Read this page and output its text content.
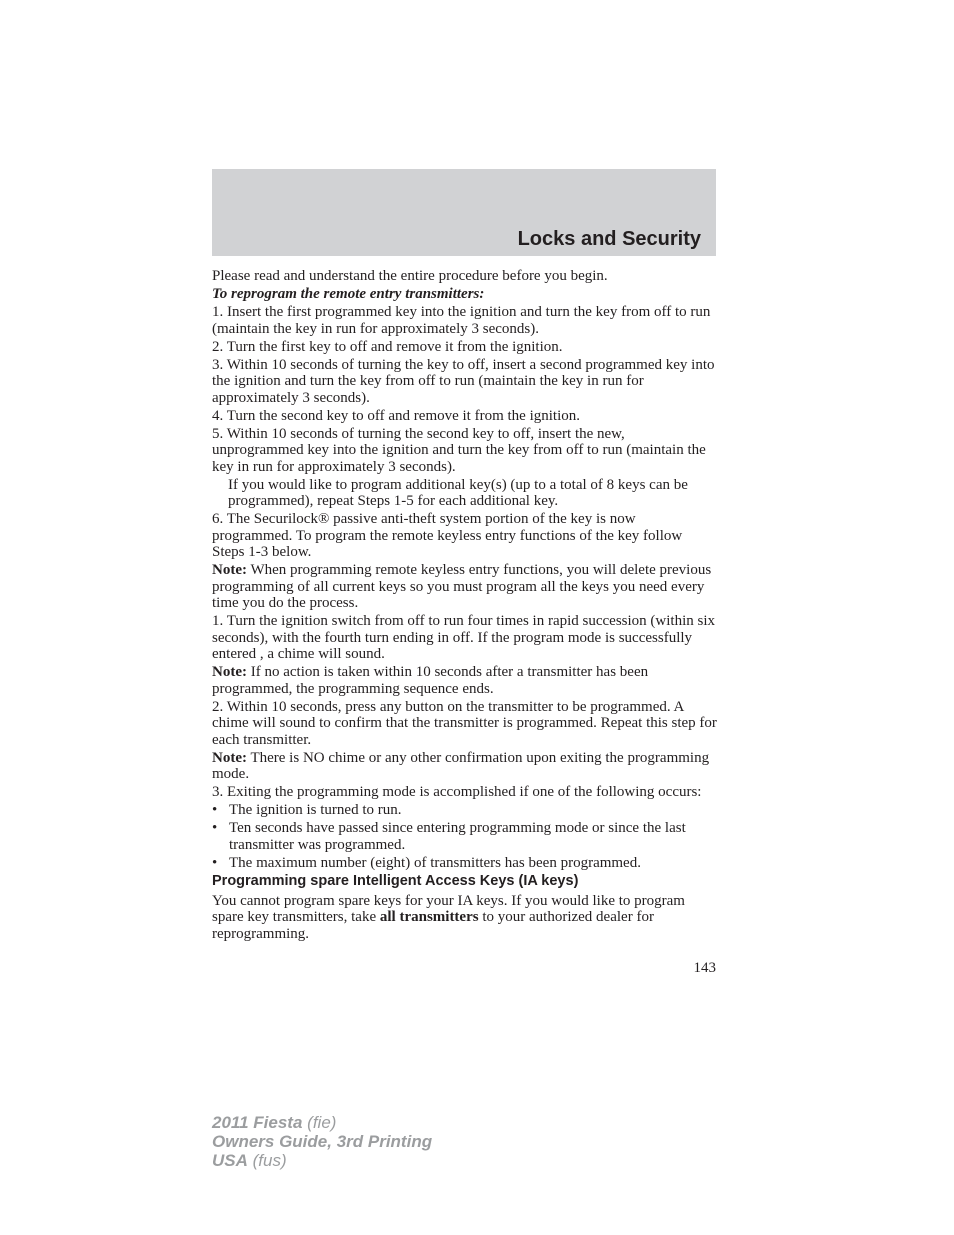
Locks and Security

Please read and understand the entire procedure before you begin.

To reprogram the remote entry transmitters:

1. Insert the first programmed key into the ignition and turn the key from off to run (maintain the key in run for approximately 3 seconds).

2. Turn the first key to off and remove it from the ignition.

3. Within 10 seconds of turning the key to off, insert a second programmed key into the ignition and turn the key from off to run (maintain the key in run for approximately 3 seconds).

4. Turn the second key to off and remove it from the ignition.

5. Within 10 seconds of turning the second key to off, insert the new, unprogrammed key into the ignition and turn the key from off to run (maintain the key in run for approximately 3 seconds).

If you would like to program additional key(s) (up to a total of 8 keys can be programmed), repeat Steps 1-5 for each additional key.

6. The Securilock® passive anti-theft system portion of the key is now programmed. To program the remote keyless entry functions of the key follow Steps 1-3 below.

Note: When programming remote keyless entry functions, you will delete previous programming of all current keys so you must program all the keys you need every time you do the process.

1. Turn the ignition switch from off to run four times in rapid succession (within six seconds), with the fourth turn ending in off. If the program mode is successfully entered , a chime will sound.

Note: If no action is taken within 10 seconds after a transmitter has been programmed, the programming sequence ends.

2. Within 10 seconds, press any button on the transmitter to be programmed. A chime will sound to confirm that the transmitter is programmed. Repeat this step for each transmitter.

Note: There is NO chime or any other confirmation upon exiting the programming mode.

3. Exiting the programming mode is accomplished if one of the following occurs:

• The ignition is turned to run.

• Ten seconds have passed since entering programming mode or since the last transmitter was programmed.

• The maximum number (eight) of transmitters has been programmed.

Programming spare Intelligent Access Keys (IA keys)

You cannot program spare keys for your IA keys. If you would like to program spare key transmitters, take all transmitters to your authorized dealer for reprogramming.

143
2011 Fiesta (fie)
Owners Guide, 3rd Printing
USA (fus)
